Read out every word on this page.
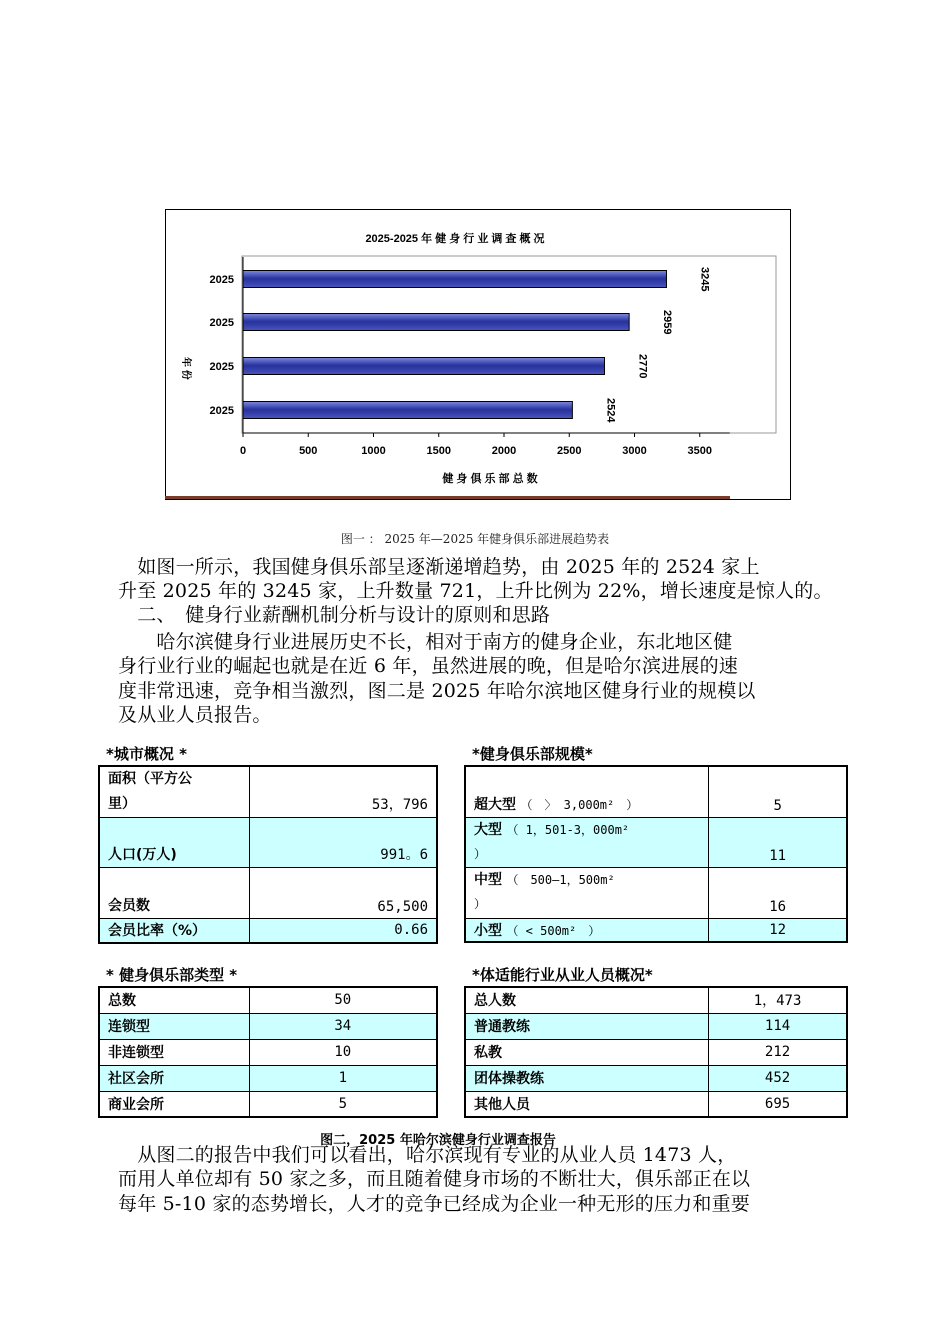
2025-2025 年 健 身 行 业 调 查 概 况
健 身 俱 乐 部 总 数
年 份
2025	3245
2025	2959
2025	2770
2025	2524
0	500	1000	1500	2000	2500	3000	3500
图一 ： 2025 年—2025 年健身俱乐部进展趋势表
　如图一所示，我国健身俱乐部呈逐渐递增趋势，由 2025 年的 2524 家上
升至 2025 年的 3245 家，上升数量 721，上升比例为 22%，增长速度是惊人的。
　二、　健身行业薪酬机制分析与设计的原则和思路
　　哈尔滨健身行业进展历史不长，相对于南方的健身企业，东北地区健
身行业行业的崛起也就是在近 6 年，虽然进展的晚，但是哈尔滨进展的速
度非常迅速，竞争相当激烈，图二是 2025 年哈尔滨地区健身行业的规模以
及从业人员报告。
*城市概况 *
面积（平方公
里）	53，796
人口(万人)	991。6
会员数	65,500
会员比率（%）	0.66
*健身俱乐部规模*
超大型 （　〉 3,000m²　）	5
大型 （ 1，501-3，000m²
）	11
中型 （　500—1，500m²
）	16
小型 （ < 500m²　）	12
* 健身俱乐部类型 *
总数	50
连锁型	34
非连锁型	10
社区会所	1
商业会所	5
*体适能行业从业人员概况*
总人数	1，473
普通教练	114
私教	212
团体操教练	452
其他人员	695
图二，2025 年哈尔滨健身行业调查报告
　从图二的报告中我们可以看出，哈尔滨现有专业的从业人员 1473 人，
而用人单位却有 50 家之多，而且随着健身市场的不断壮大，俱乐部正在以
每年 5-10 家的态势增长，人才的竞争已经成为企业一种无形的压力和重要
